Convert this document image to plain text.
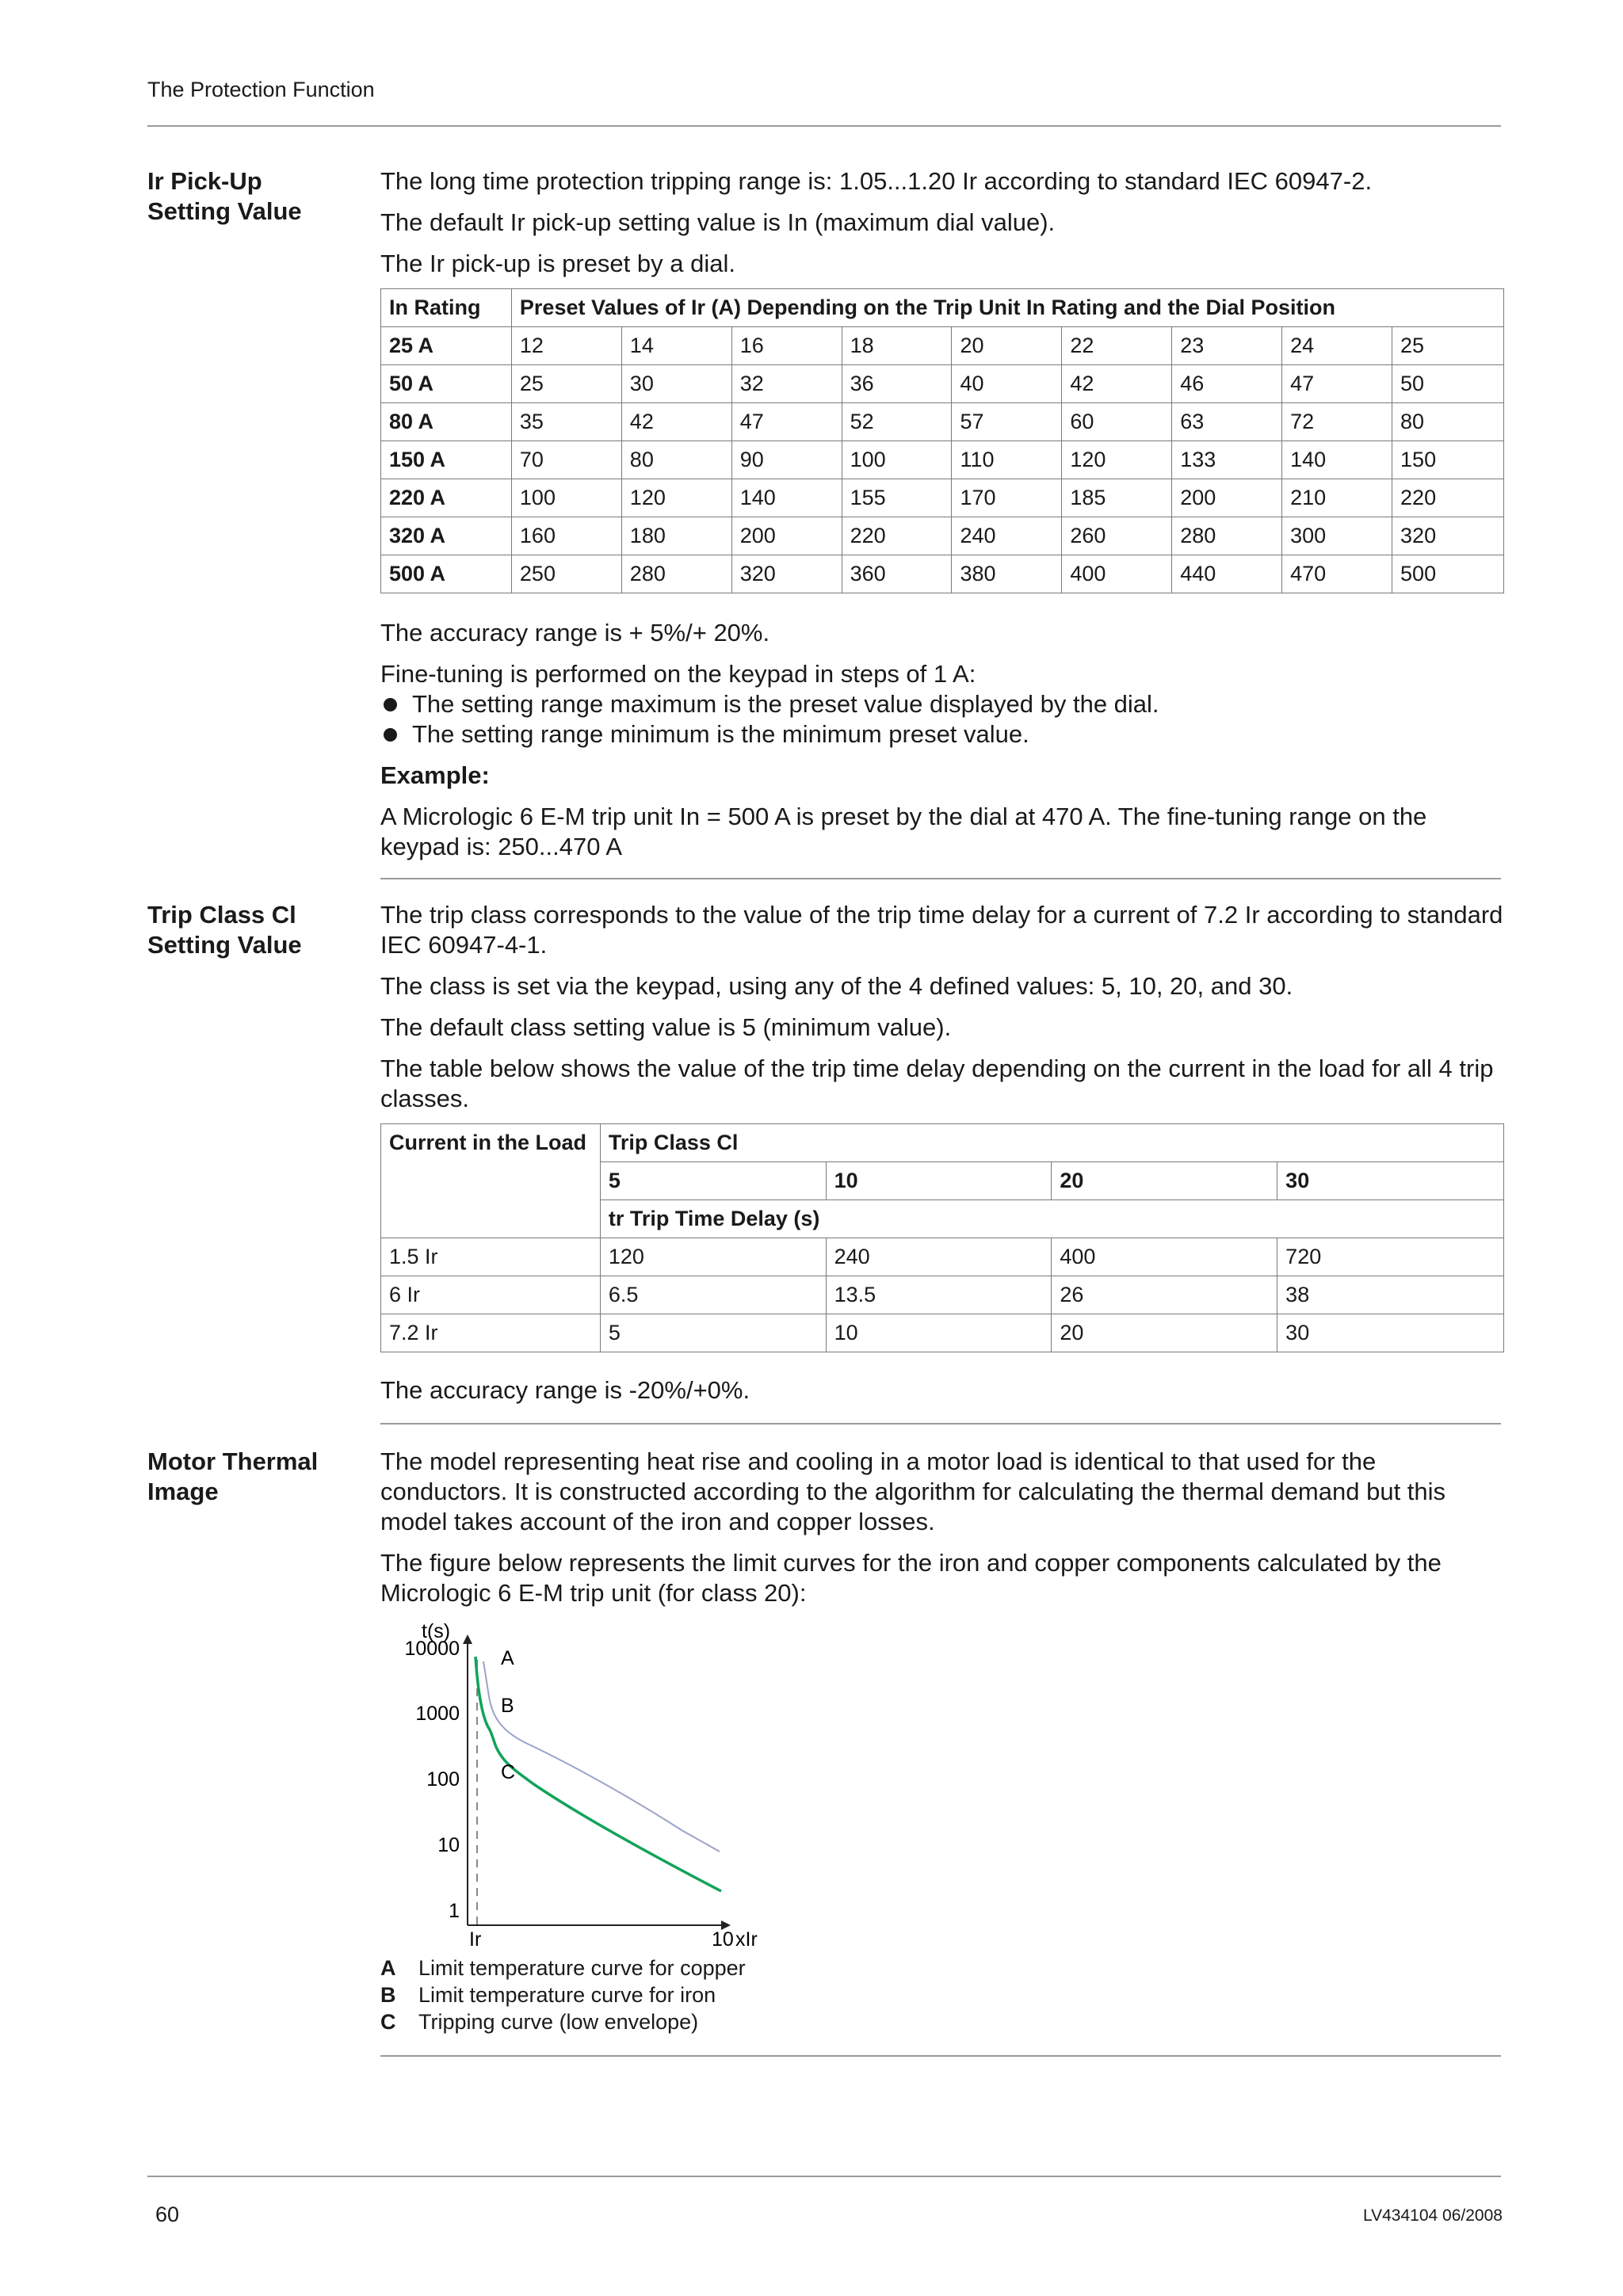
The Protection Function
Ir Pick-Up
Setting Value

The long time protection tripping range is: 1.05...1.20 Ir according to standard IEC 60947-2.

The default Ir pick-up setting value is In (maximum dial value).

The Ir pick-up is preset by a dial.

In Rating	Preset Values of Ir (A) Depending on the Trip Unit In Rating and the Dial Position								
25 A	12	14	16	18	20	22	23	24	25
50 A	25	30	32	36	40	42	46	47	50
80 A	35	42	47	52	57	60	63	72	80
150 A	70	80	90	100	110	120	133	140	150
220 A	100	120	140	155	170	185	200	210	220
320 A	160	180	200	220	240	260	280	300	320
500 A	250	280	320	360	380	400	440	470	500

The accuracy range is + 5%/+ 20%.

Fine-tuning is performed on the keypad in steps of 1 A:

The setting range maximum is the preset value displayed by the dial.
The setting range minimum is the minimum preset value.

Example:

A Micrologic 6 E-M trip unit In = 500 A is preset by the dial at 470 A. The fine-tuning range on the keypad is: 250...470 A

Trip Class Cl
Setting Value

The trip class corresponds to the value of the trip time delay for a current of 7.2 Ir according to standard IEC 60947-4-1.

The class is set via the keypad, using any of the 4 defined values: 5, 10, 20, and 30.

The default class setting value is 5 (minimum value).

The table below shows the value of the trip time delay depending on the current in the load for all 4 trip classes.

Current in the Load	Trip Class Cl			
	5	10	20	30
	tr Trip Time Delay (s)			
1.5 Ir	120	240	400	720
6 Ir	6.5	13.5	26	38
7.2 Ir	5	10	20	30

The accuracy range is -20%/+0%.

Motor Thermal
Image

The model representing heat rise and cooling in a motor load is identical to that used for the conductors. It is constructed according to the algorithm for calculating the thermal demand but this model takes account of the iron and copper losses.

The figure below represents the limit curves for the iron and copper components calculated by the Micrologic 6 E-M trip unit (for class 20):

t(s)
10000
1000
100
10
1
Ir	10 xIr
A
B
C
A	Limit temperature curve for copper
B	Limit temperature curve for iron
C	Tripping curve (low envelope)
60	LV434104 06/2008
